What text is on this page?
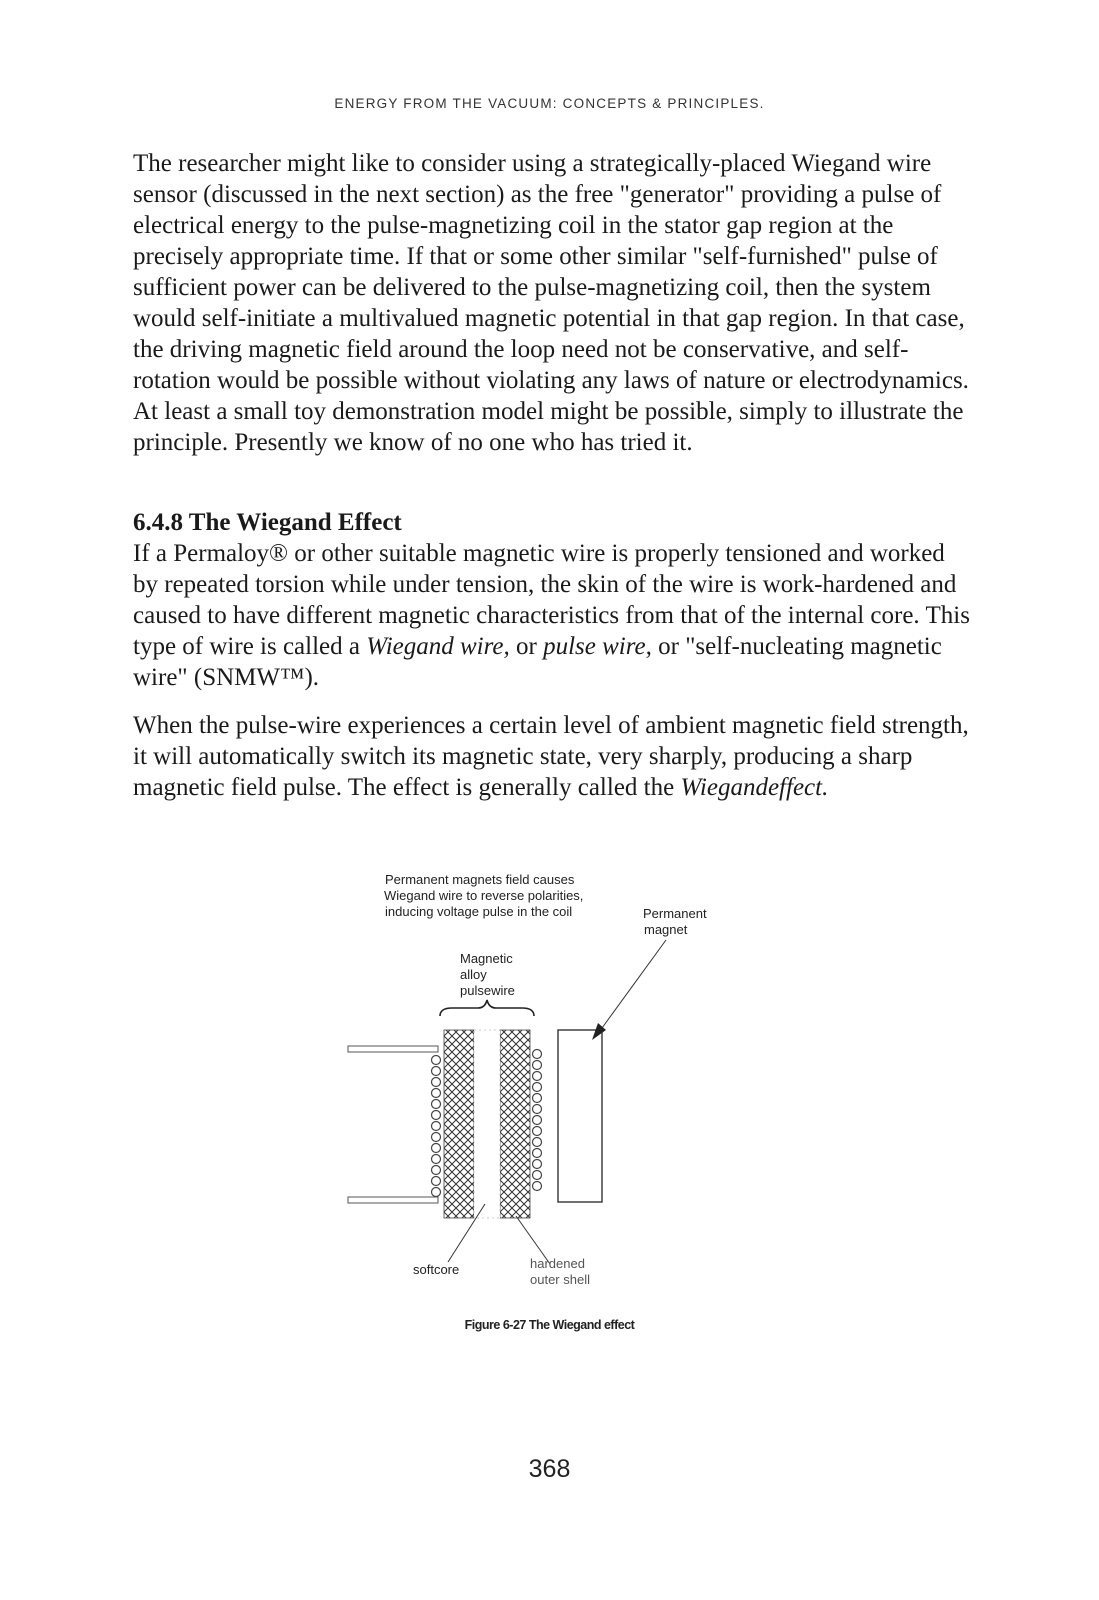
ENERGY FROM THE VACUUM: CONCEPTS & PRINCIPLES.

The researcher might like to consider using a strategically-placed Wiegand wire sensor (discussed in the next section) as the free "generator" providing a pulse of electrical energy to the pulse-magnetizing coil in the stator gap region at the precisely appropriate time. If that or some other similar "self-furnished" pulse of sufficient power can be delivered to the pulse-magnetizing coil, then the system would self-initiate a multivalued magnetic potential in that gap region. In that case, the driving magnetic field around the loop need not be conservative, and self-rotation would be possible without violating any laws of nature or electrodynamics. At least a small toy demonstration model might be possible, simply to illustrate the principle. Presently we know of no one who has tried it.

6.4.8 The Wiegand Effect

If a Permaloy® or other suitable magnetic wire is properly tensioned and worked by repeated torsion while under tension, the skin of the wire is work-hardened and caused to have different magnetic characteristics from that of the internal core. This type of wire is called a Wiegand wire, or pulse wire, or "self-nucleating magnetic wire" (SNMW™).

When the pulse-wire experiences a certain level of ambient magnetic field strength, it will automatically switch its magnetic state, very sharply, producing a sharp magnetic field pulse. The effect is generally called the Wiegandeffect.

Permanent magnets field causes Wiegand wire to reverse polarities, inducing voltage pulse in the coil	Permanent magnet
Magnetic alloy pulsewire
softcore	hardened outer shell
Figure 6-27 The Wiegand effect
368
